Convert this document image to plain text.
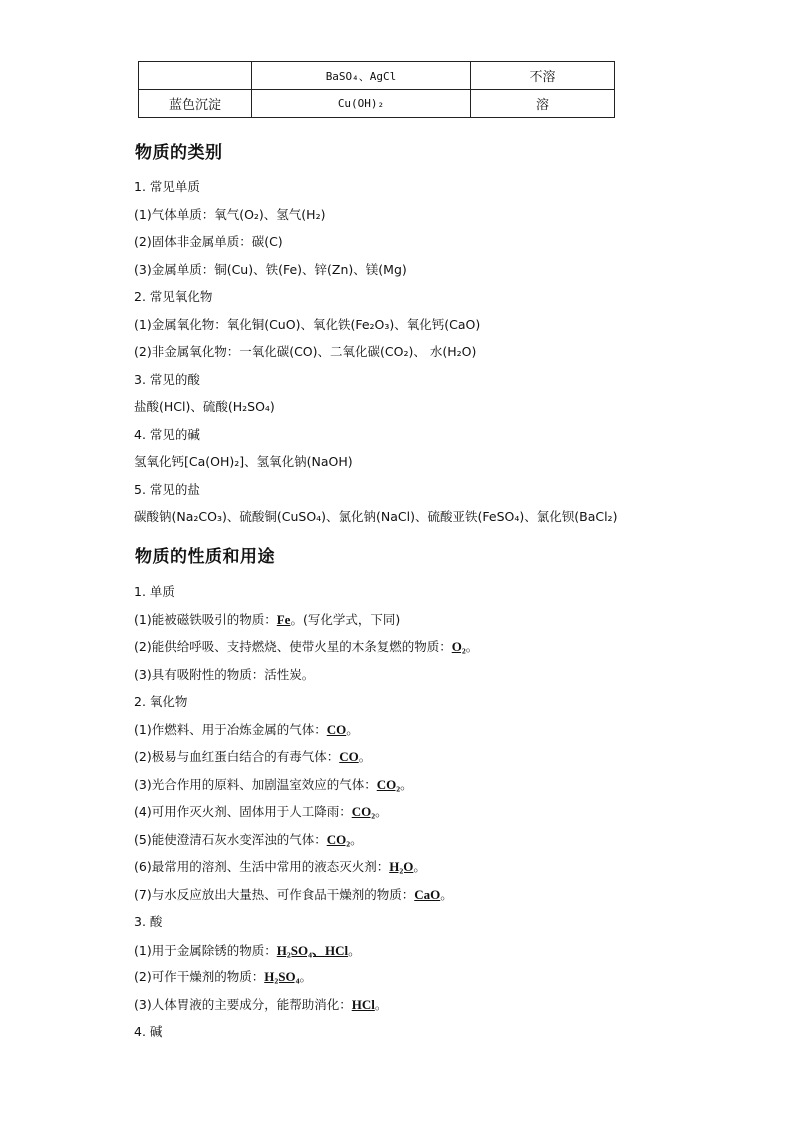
	BaSO₄、AgCl	不溶
蓝色沉淀	Cu(OH)₂	溶
物质的类别

1. 常见单质

(1)气体单质：氧气(O₂)、氢气(H₂)

(2)固体非金属单质：碳(C)

(3)金属单质：铜(Cu)、铁(Fe)、锌(Zn)、镁(Mg)

2. 常见氧化物

(1)金属氧化物：氧化铜(CuO)、氧化铁(Fe₂O₃)、氧化钙(CaO)

(2)非金属氧化物：一氧化碳(CO)、二氧化碳(CO₂)、 水(H₂O)

3. 常见的酸

盐酸(HCl)、硫酸(H₂SO₄)

4. 常见的碱

氢氧化钙[Ca(OH)₂]、氢氧化钠(NaOH)

5. 常见的盐

碳酸钠(Na₂CO₃)、硫酸铜(CuSO₄)、氯化钠(NaCl)、硫酸亚铁(FeSO₄)、氯化钡(BaCl₂)

物质的性质和用途

1. 单质

(1)能被磁铁吸引的物质：Fe。(写化学式，下同)

(2)能供给呼吸、支持燃烧、使带火星的木条复燃的物质：O₂。

(3)具有吸附性的物质：活性炭。

2. 氧化物

(1)作燃料、用于冶炼金属的气体：CO。

(2)极易与血红蛋白结合的有毒气体：CO。

(3)光合作用的原料、加剧温室效应的气体：CO₂。

(4)可用作灭火剂、固体用于人工降雨：CO₂。

(5)能使澄清石灰水变浑浊的气体：CO₂。

(6)最常用的溶剂、生活中常用的液态灭火剂：H₂O。

(7)与水反应放出大量热、可作食品干燥剂的物质：CaO。

3. 酸

(1)用于金属除锈的物质：H₂SO₄、HCl。

(2)可作干燥剂的物质：H₂SO₄。

(3)人体胃液的主要成分，能帮助消化：HCl。

4. 碱
